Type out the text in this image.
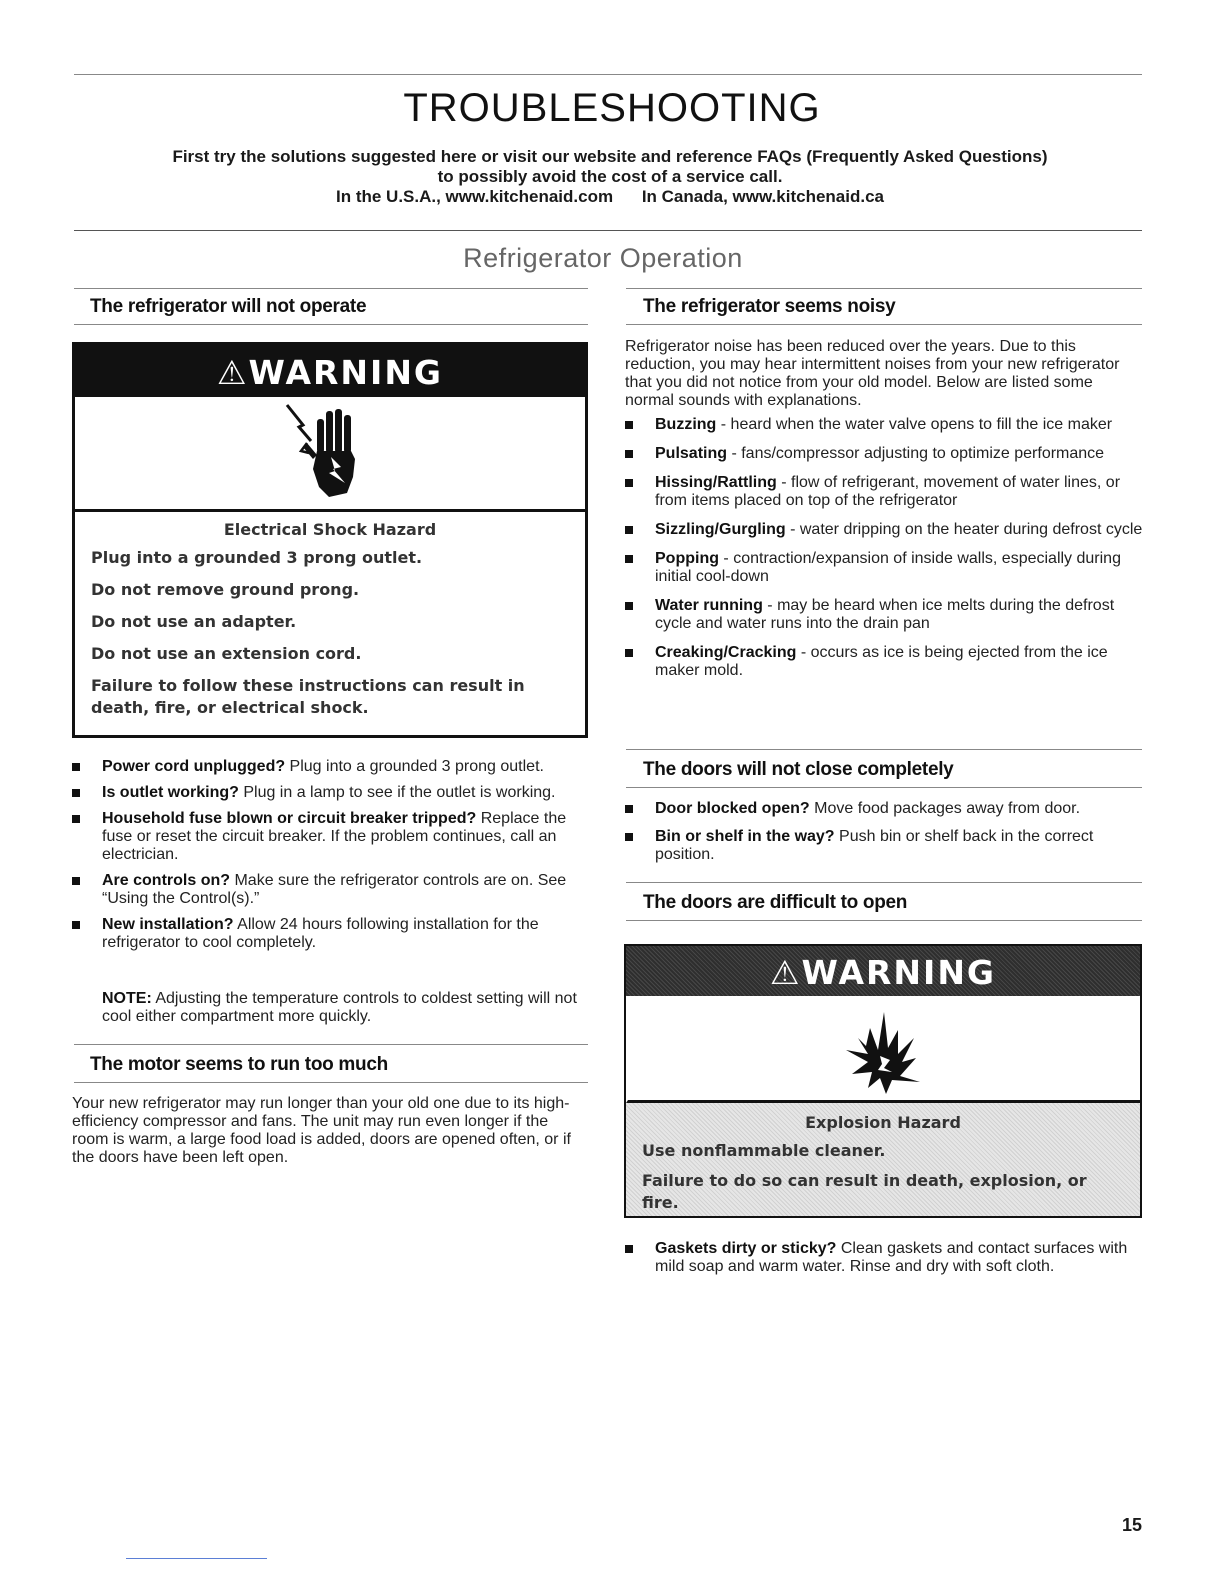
TROUBLESHOOTING
First try the solutions suggested here or visit our website and reference FAQs (Frequently Asked Questions)
to possibly avoid the cost of a service call.
In the U.S.A., www.kitchenaid.com In Canada, www.kitchenaid.ca
Refrigerator Operation
The refrigerator will not operate
⚠WARNING
Electrical Shock Hazard

Plug into a grounded 3 prong outlet.

Do not remove ground prong.

Do not use an adapter.

Do not use an extension cord.

Failure to follow these instructions can result in death, fire, or electrical shock.

Power cord unplugged? Plug into a grounded 3 prong outlet.
Is outlet working? Plug in a lamp to see if the outlet is working.
Household fuse blown or circuit breaker tripped? Replace the fuse or reset the circuit breaker. If the problem continues, call an electrician.
Are controls on? Make sure the refrigerator controls are on. See “Using the Control(s).”
New installation? Allow 24 hours following installation for the refrigerator to cool completely.
NOTE: Adjusting the temperature controls to coldest setting will not cool either compartment more quickly.
The motor seems to run too much
Your new refrigerator may run longer than your old one due to its high-efficiency compressor and fans. The unit may run even longer if the room is warm, a large food load is added, doors are opened often, or if the doors have been left open.
The refrigerator seems noisy
Refrigerator noise has been reduced over the years. Due to this reduction, you may hear intermittent noises from your new refrigerator that you did not notice from your old model. Below are listed some normal sounds with explanations.
Buzzing - heard when the water valve opens to fill the ice maker
Pulsating - fans/compressor adjusting to optimize performance
Hissing/Rattling - flow of refrigerant, movement of water lines, or from items placed on top of the refrigerator
Sizzling/Gurgling - water dripping on the heater during defrost cycle
Popping - contraction/expansion of inside walls, especially during initial cool-down
Water running - may be heard when ice melts during the defrost cycle and water runs into the drain pan
Creaking/Cracking - occurs as ice is being ejected from the ice maker mold.
The doors will not close completely
Door blocked open? Move food packages away from door.
Bin or shelf in the way? Push bin or shelf back in the correct position.
The doors are difficult to open
⚠WARNING
Explosion Hazard

Use nonflammable cleaner.

Failure to do so can result in death, explosion, or fire.

Gaskets dirty or sticky? Clean gaskets and contact surfaces with mild soap and warm water. Rinse and dry with soft cloth.
15
